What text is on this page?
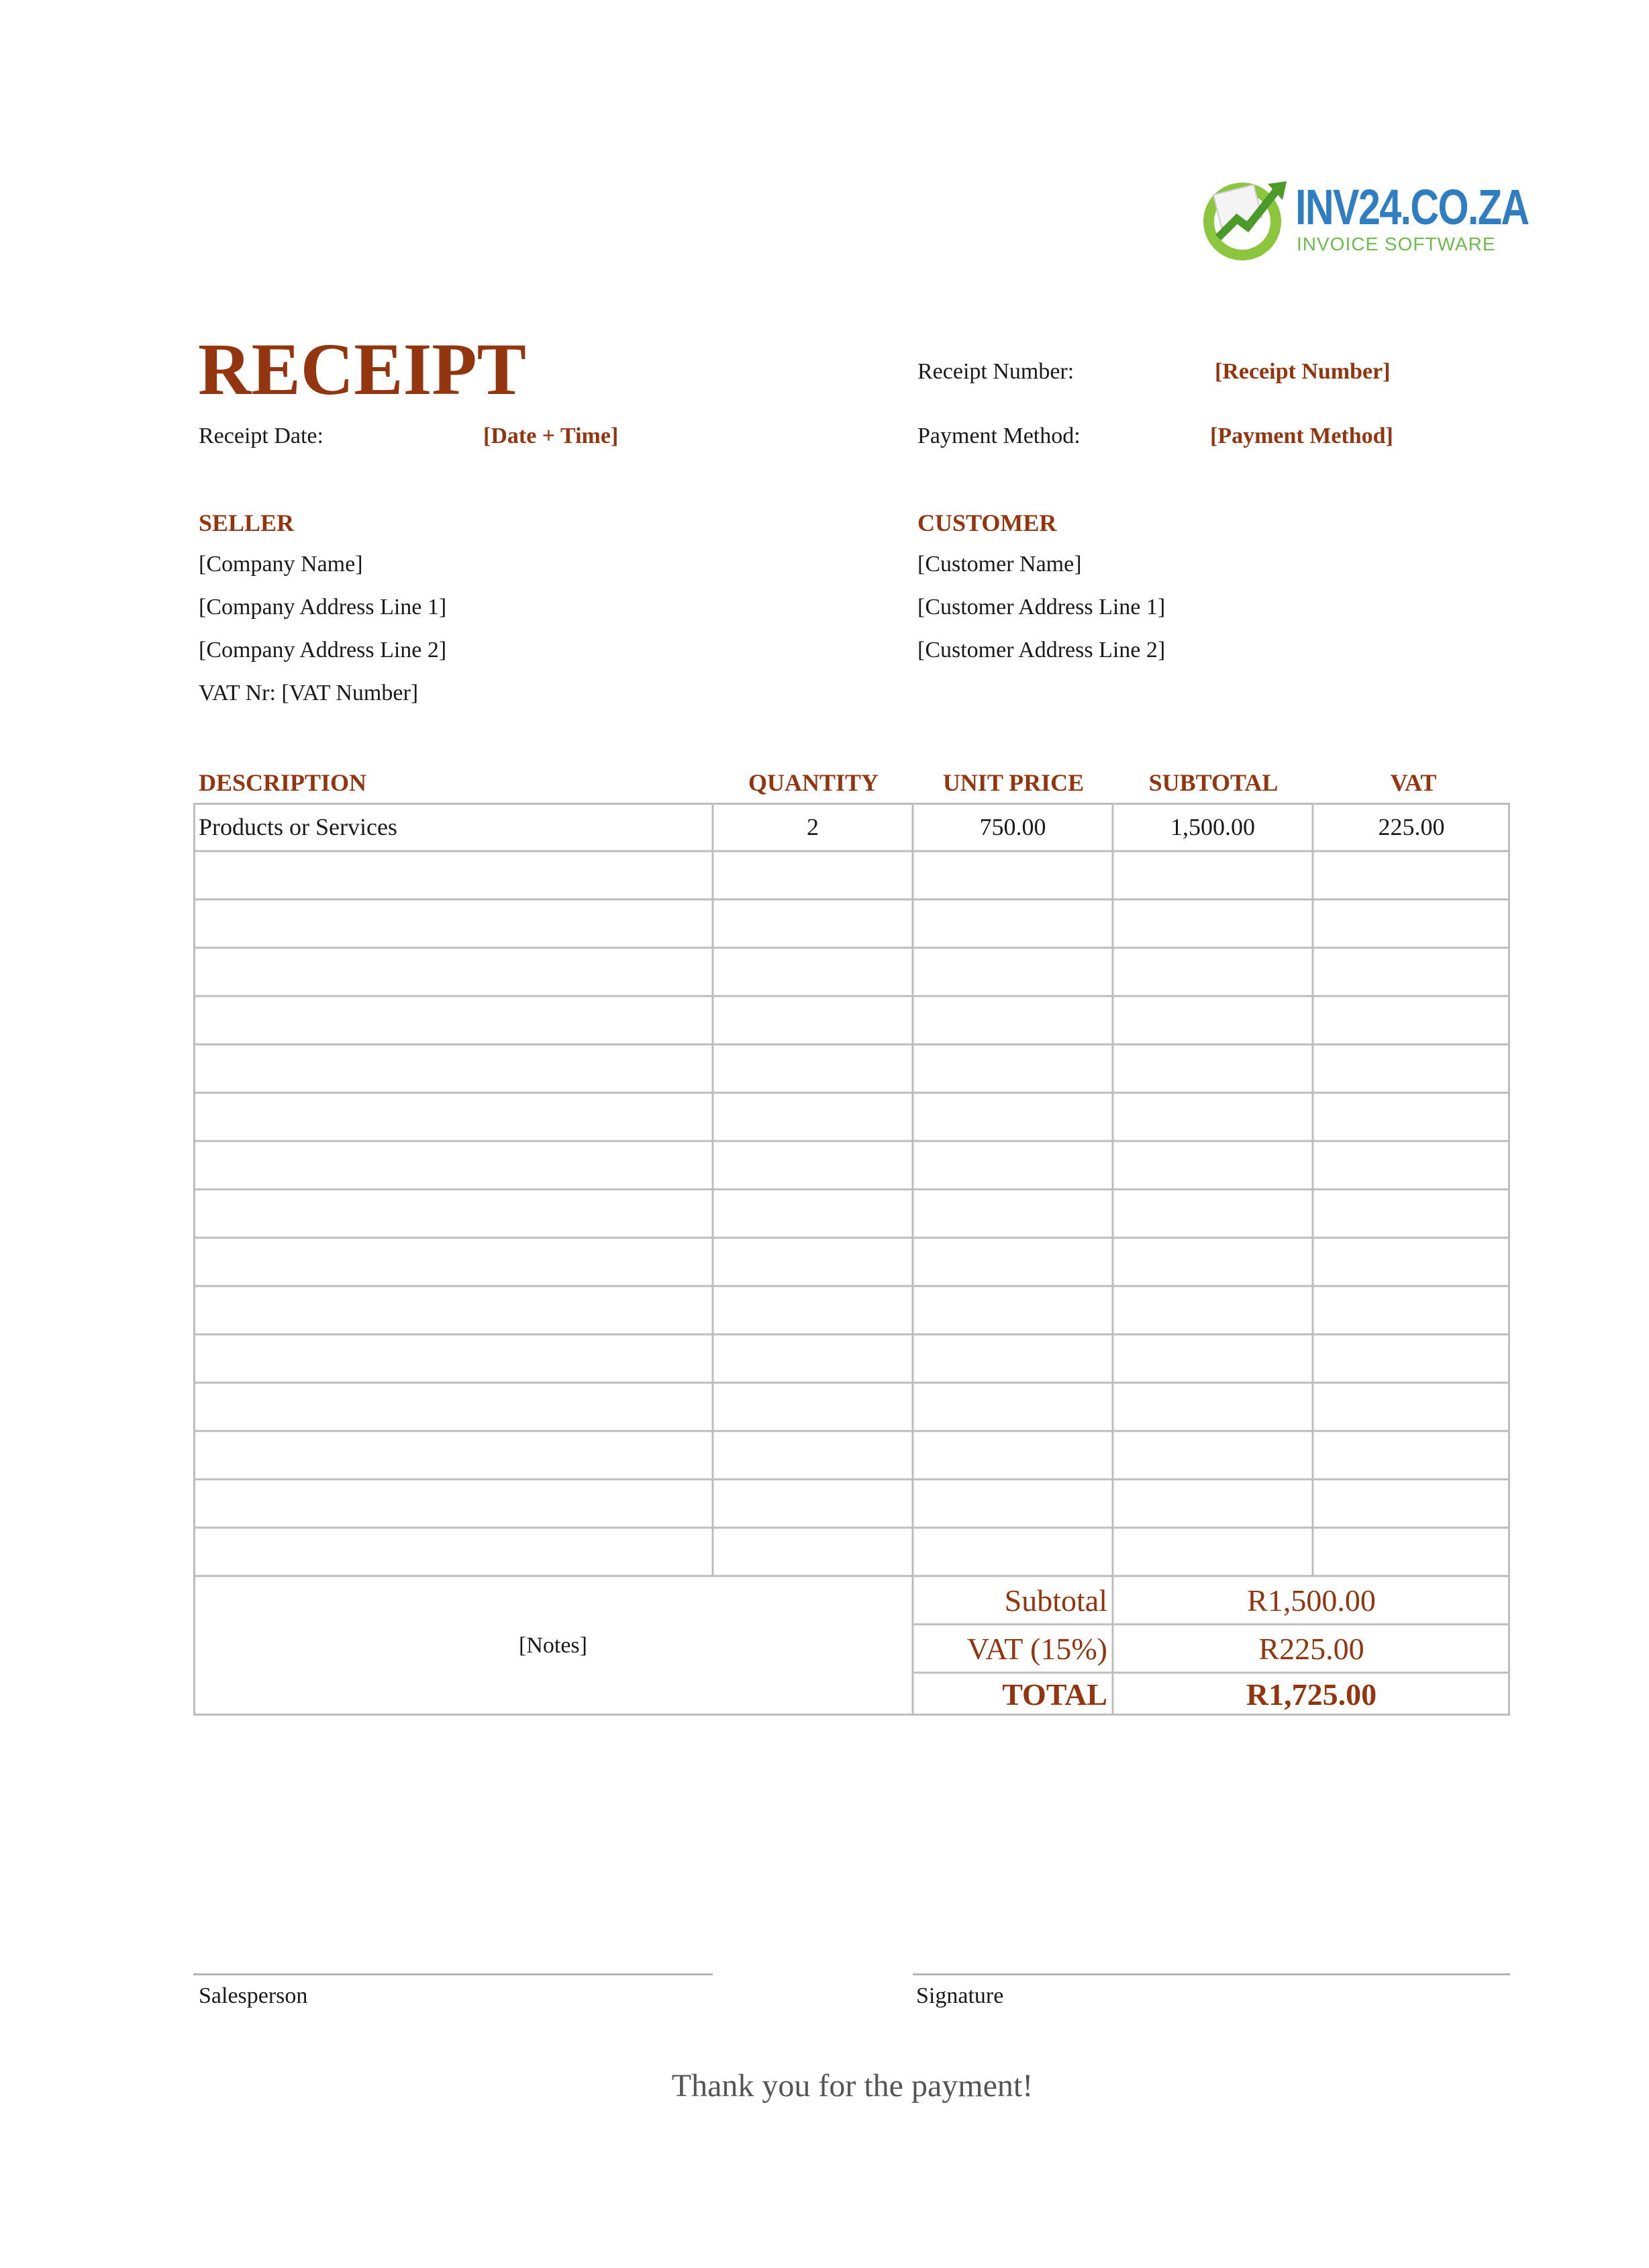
INV24.CO.ZA
INVOICE SOFTWARE
RECEIPT	Receipt Number:	[Receipt Number]
Receipt Date:	[Date + Time]	Payment Method:	[Payment Method]
SELLER
[Company Name]
[Company Address Line 1]
[Company Address Line 2]
VAT Nr: [VAT Number]
CUSTOMER
[Customer Name]
[Customer Address Line 1]
[Customer Address Line 2]
DESCRIPTION	QUANTITY	UNIT PRICE	SUBTOTAL	VAT
Products or Services	2	750.00	1,500.00	225.00
[Notes]
Subtotal	R1,500.00
VAT (15%)	R225.00
TOTAL	R1,725.00
Salesperson	Signature
Thank you for the payment!
